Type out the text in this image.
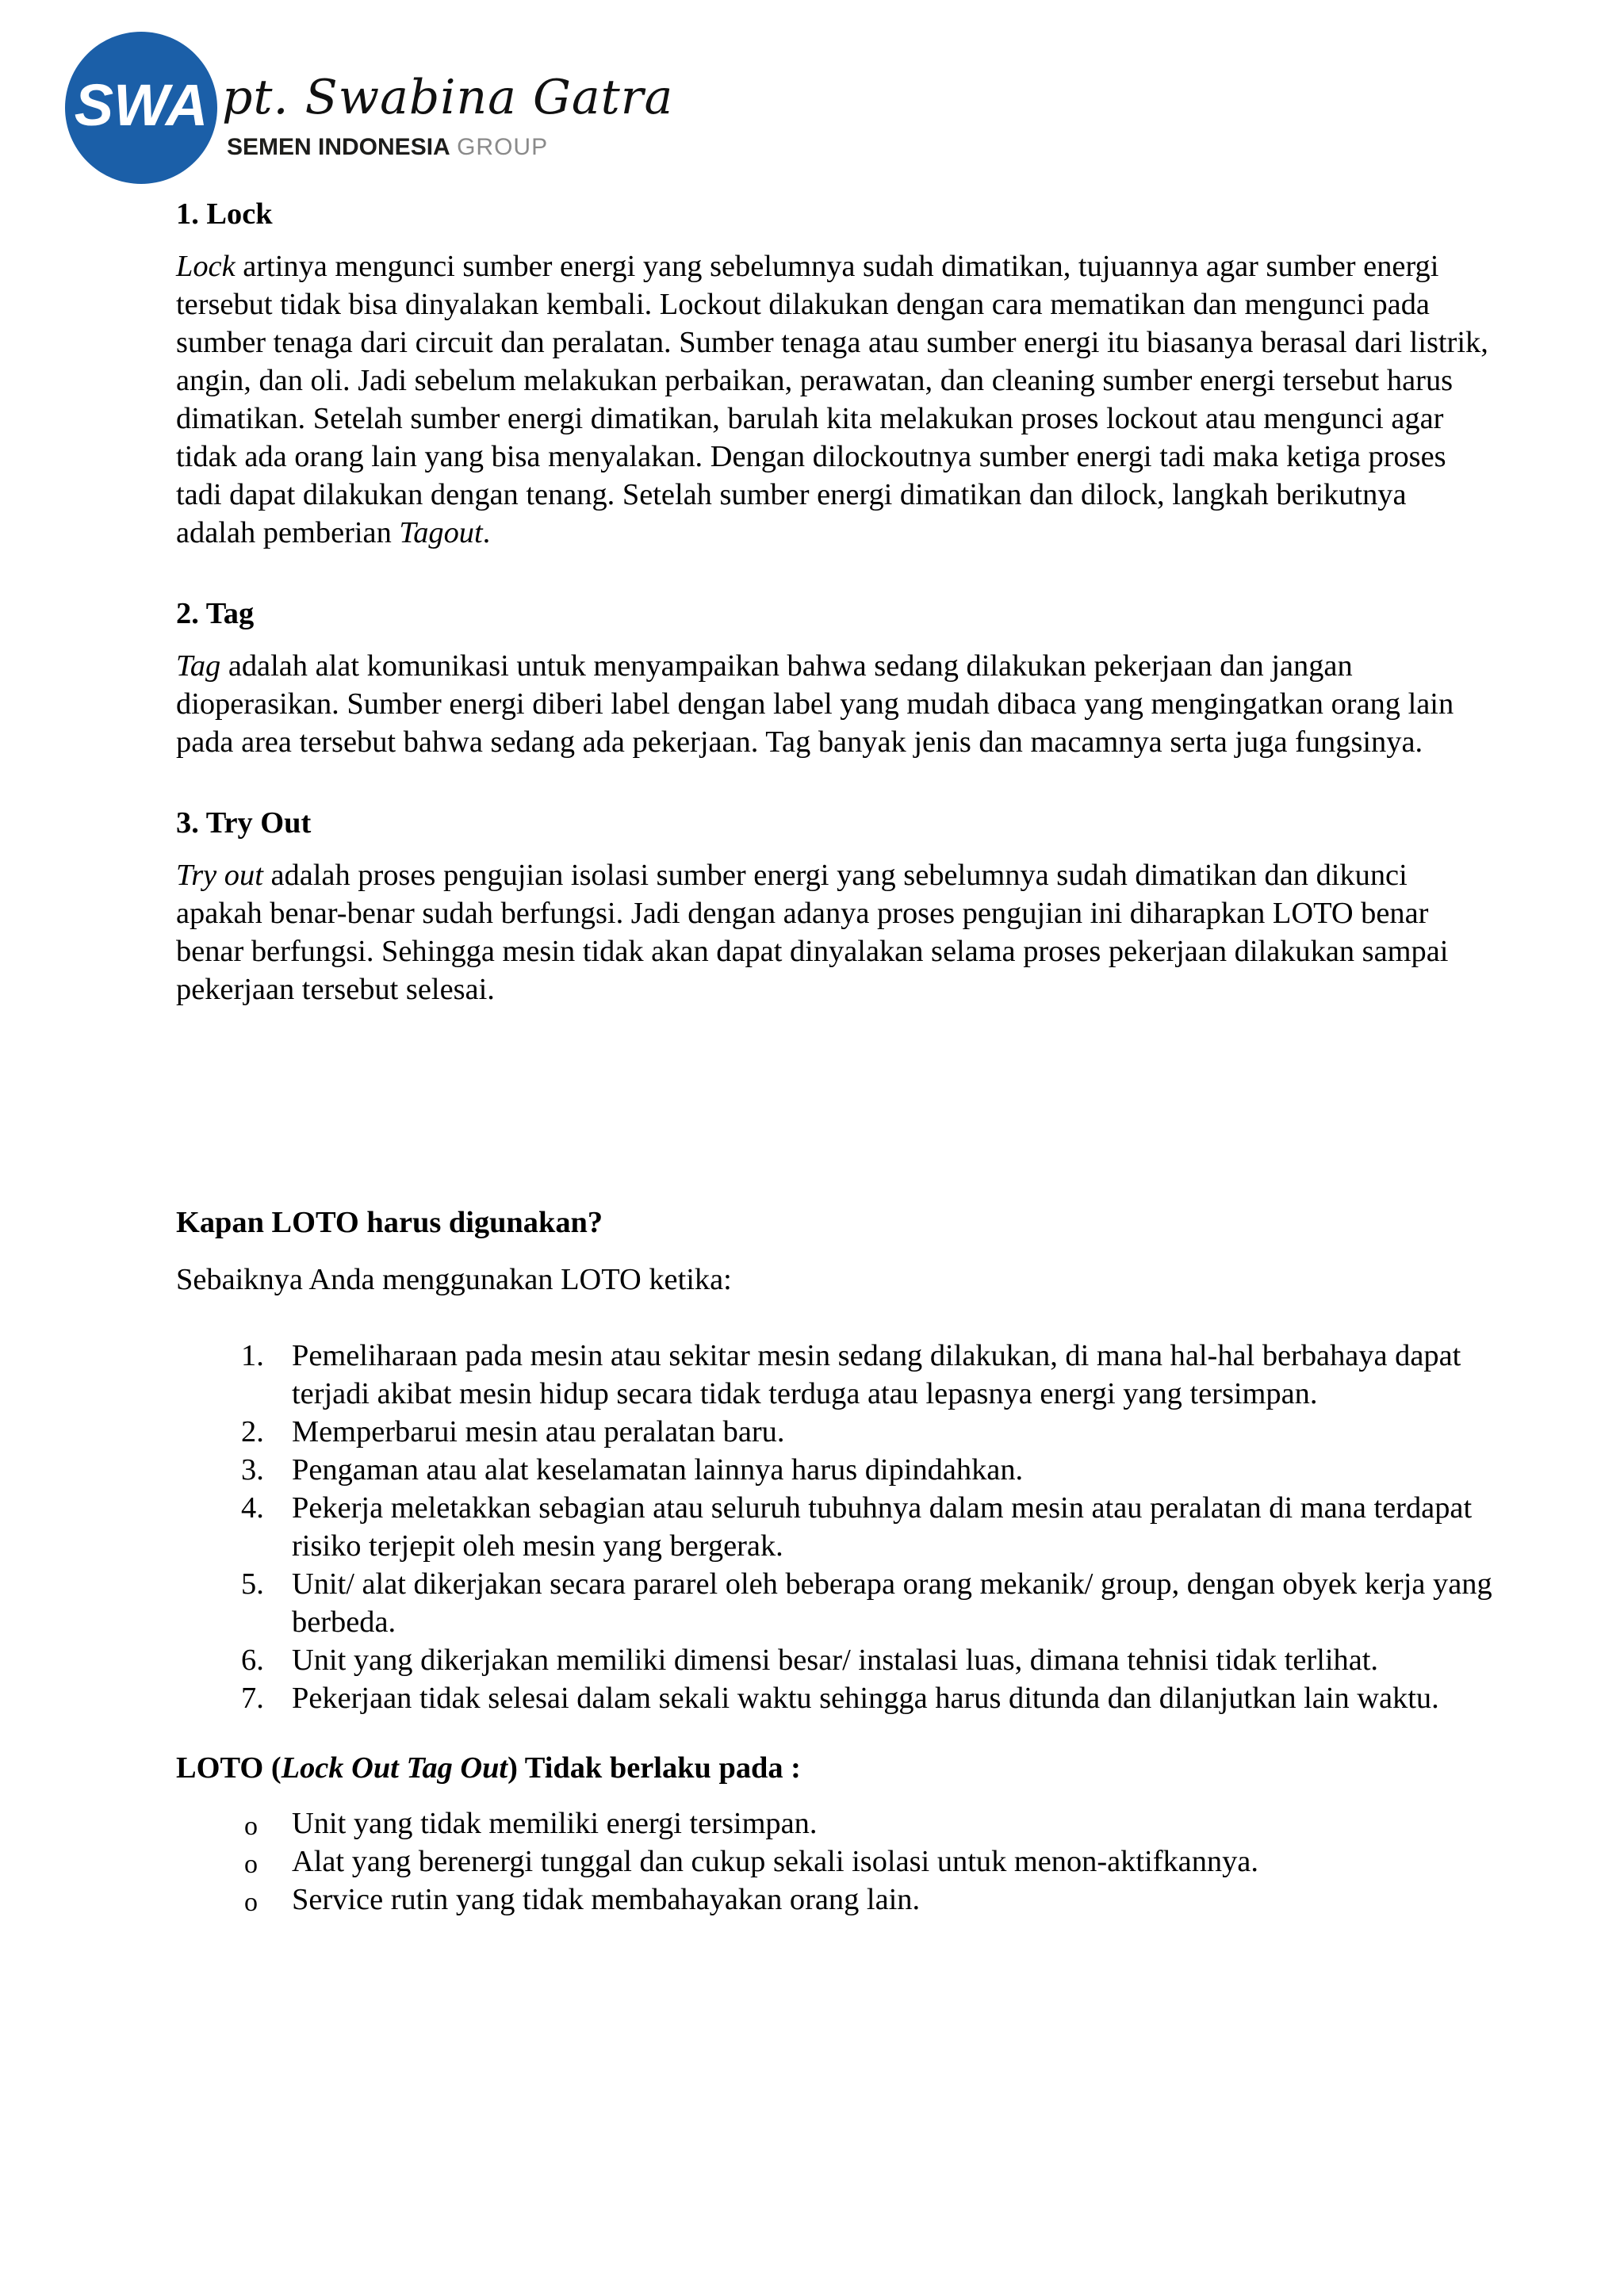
SWA pt. Swabina Gatra
SEMEN INDONESIA GROUP
1. Lock

Lock artinya mengunci sumber energi yang sebelumnya sudah dimatikan, tujuannya agar sumber energi tersebut tidak bisa dinyalakan kembali. Lockout dilakukan dengan cara mematikan dan mengunci pada sumber tenaga dari circuit dan peralatan. Sumber tenaga atau sumber energi itu biasanya berasal dari listrik, angin, dan oli. Jadi sebelum melakukan perbaikan, perawatan, dan cleaning sumber energi tersebut harus dimatikan. Setelah sumber energi dimatikan, barulah kita melakukan proses lockout atau mengunci agar tidak ada orang lain yang bisa menyalakan. Dengan dilockoutnya sumber energi tadi maka ketiga proses tadi dapat dilakukan dengan tenang. Setelah sumber energi dimatikan dan dilock, langkah berikutnya adalah pemberian Tagout.

2. Tag

Tag adalah alat komunikasi untuk menyampaikan bahwa sedang dilakukan pekerjaan dan jangan dioperasikan. Sumber energi diberi label dengan label yang mudah dibaca yang mengingatkan orang lain pada area tersebut bahwa sedang ada pekerjaan. Tag banyak jenis dan macamnya serta juga fungsinya.

3. Try Out

Try out adalah proses pengujian isolasi sumber energi yang sebelumnya sudah dimatikan dan dikunci apakah benar-benar sudah berfungsi. Jadi dengan adanya proses pengujian ini diharapkan LOTO benar benar berfungsi. Sehingga mesin tidak akan dapat dinyalakan selama proses pekerjaan dilakukan sampai pekerjaan tersebut selesai.

Kapan LOTO harus digunakan?

Sebaiknya Anda menggunakan LOTO ketika:

1. Pemeliharaan pada mesin atau sekitar mesin sedang dilakukan, di mana hal-hal berbahaya dapat terjadi akibat mesin hidup secara tidak terduga atau lepasnya energi yang tersimpan.
2. Memperbarui mesin atau peralatan baru.
3. Pengaman atau alat keselamatan lainnya harus dipindahkan.
4. Pekerja meletakkan sebagian atau seluruh tubuhnya dalam mesin atau peralatan di mana terdapat risiko terjepit oleh mesin yang bergerak.
5. Unit/ alat dikerjakan secara pararel oleh beberapa orang mekanik/ group, dengan obyek kerja yang berbeda.
6. Unit yang dikerjakan memiliki dimensi besar/ instalasi luas, dimana tehnisi tidak terlihat.
7. Pekerjaan tidak selesai dalam sekali waktu sehingga harus ditunda dan dilanjutkan lain waktu.
LOTO (Lock Out Tag Out) Tidak berlaku pada :
o Unit yang tidak memiliki energi tersimpan.
o Alat yang berenergi tunggal dan cukup sekali isolasi untuk menon-aktifkannya.
o Service rutin yang tidak membahayakan orang lain.
